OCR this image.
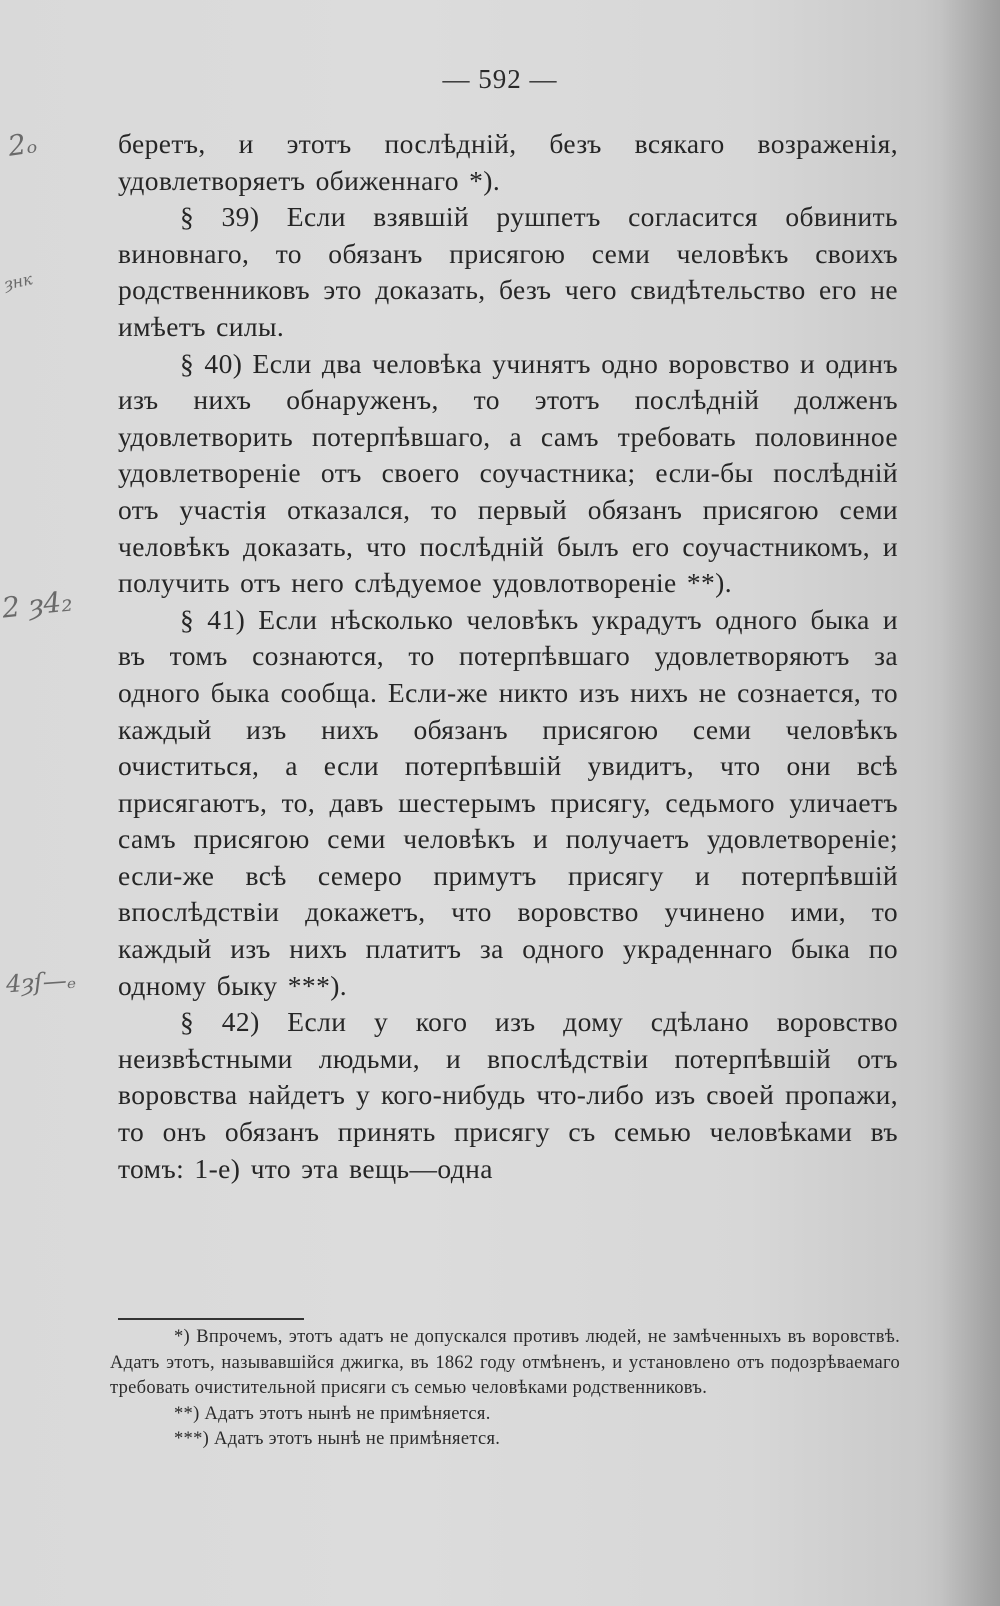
— 592 —
2ₒ
ȝнк
2 ȝ4₂
4ȝſ—ₑ

беретъ, и этотъ послѣднiй, безъ всякаго возраженiя, удовлетворяетъ обиженнаго *).

§ 39) Если взявшiй рушпетъ согласится обвинить виновнаго, то обязанъ присягою семи человѣкъ своихъ родственниковъ это доказать, безъ чего свидѣтельство его не имѣетъ силы.

§ 40) Если два человѣка учинятъ одно воровство и одинъ изъ нихъ обнаруженъ, то этотъ послѣднiй долженъ удовлетворить потерпѣвшаго, а самъ требовать половинное удовлетворенiе отъ своего соучастника; если-бы послѣднiй отъ участiя отказался, то первый обязанъ присягою семи человѣкъ доказать, что послѣднiй былъ его соучастникомъ, и получить отъ него слѣдуемое удовлотворенiе **).

§ 41) Если нѣсколько человѣкъ украдутъ одного быка и въ томъ сознаются, то потерпѣвшаго удовлетворяютъ за одного быка сообща. Если-же никто изъ нихъ не сознается, то каждый изъ нихъ обязанъ присягою семи человѣкъ очиститься, а если потерпѣвшiй увидитъ, что они всѣ присягаютъ, то, давъ шестерымъ присягу, седьмого уличаетъ самъ присягою семи человѣкъ и получаетъ удовлетворенiе; если-же всѣ семеро примутъ присягу и потерпѣвшiй впослѣдствiи докажетъ, что воровство учинено ими, то каждый изъ нихъ платитъ за одного украденнаго быка по одному быку ***).

§ 42) Если у кого изъ дому сдѣлано воровство неизвѣстными людьми, и впослѣдствiи потерпѣвшiй отъ воровства найдетъ у кого-нибудь что-либо изъ своей пропажи, то онъ обязанъ принять присягу съ семью человѣками въ томъ: 1-е) что эта вещь—одна

*) Впрочемъ, этотъ адатъ не допускался противъ людей, не замѣченныхъ въ воровствѣ. Адатъ этотъ, называвшiйся джигка, въ 1862 году отмѣненъ, и установлено отъ подозрѣваемаго требовать очистительной присяги съ семью человѣками родственниковъ.

**) Адатъ этотъ нынѣ не примѣняется.

***) Адатъ этотъ нынѣ не примѣняется.
